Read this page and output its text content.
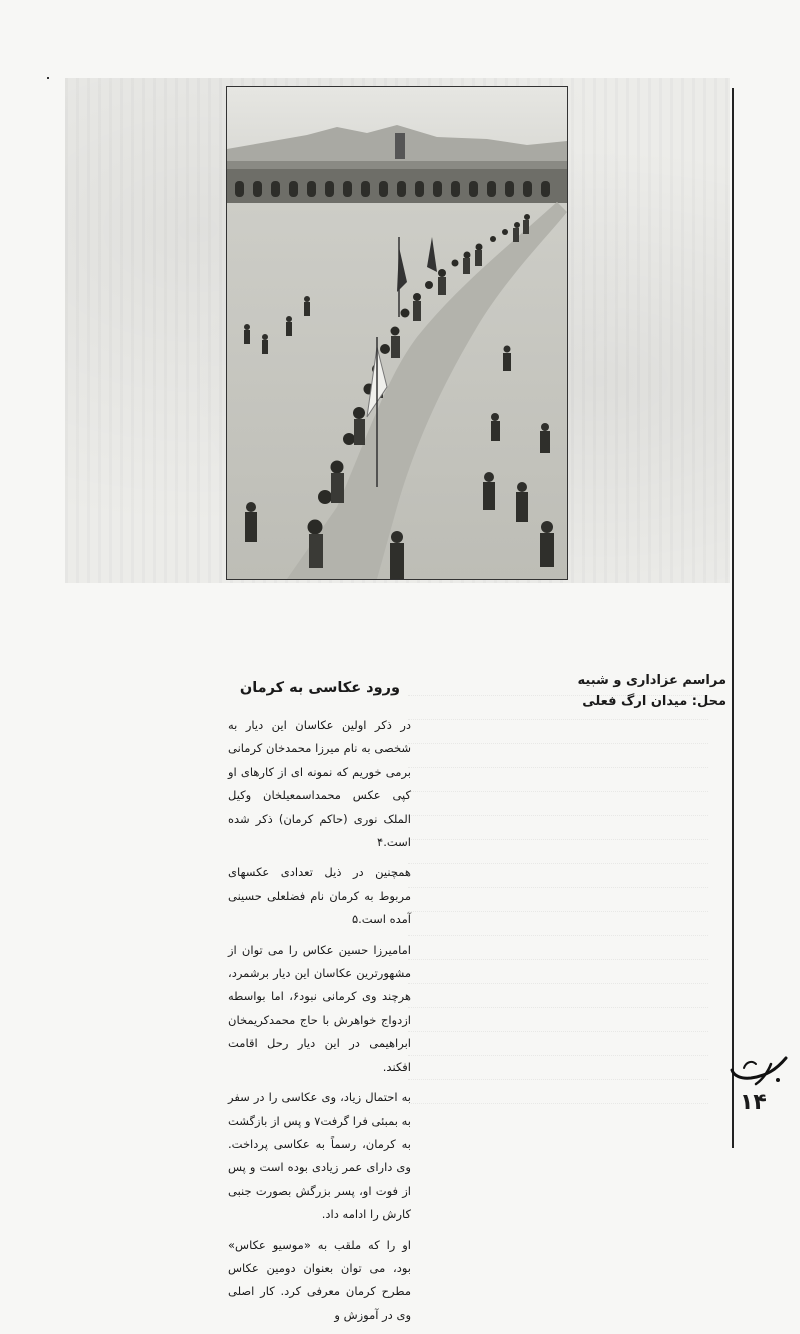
مراسم عزاداری و شبیه
محل: میدان ارگ فعلی
ورود عکاسی به کرمان

در ذکر اولین عکاسان این دیار به شخصی به نام میرزا محمدخان کرمانی برمی خوریم که نمونه ای از کارهای او کپی عکس محمداسمعیلخان وکیل الملک نوری (حاکم کرمان) ذکر شده است.۴

همچنین در ذیل تعدادی عکسهای مربوط به کرمان نام فضلعلی حسینی آمده است.۵

امامیرزا حسین عکاس را می توان از مشهورترین عکاسان این دیار برشمرد، هرچند وی کرمانی نبود۶، اما بواسطه ازدواج خواهرش با حاج محمدکریمخان ابراهیمی در این دیار رحل اقامت افکند.

به احتمال زیاد، وی عکاسی را در سفر به بمبئی فرا گرفت۷ و پس از بازگشت به کرمان، رسماً به عکاسی پرداخت. وی دارای عمر زیادی بوده است و پس از فوت او، پسر بزرگش بصورت جنبی کارش را ادامه داد.

او را که ملقب به «موسیو عکاس» بود، می توان بعنوان دومین عکاس مطرح کرمان معرفی کرد. کار اصلی وی در آموزش و

۱۴
